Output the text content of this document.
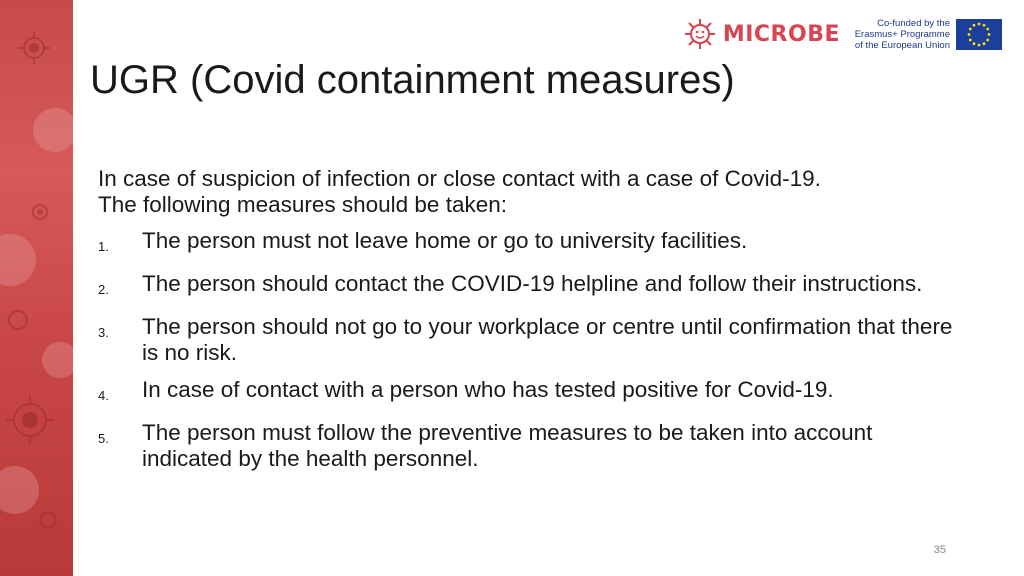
MICROBE	Co-funded by the
Erasmus+ Programme
of the European Union
UGR (Covid containment measures)

In case of suspicion of infection or close contact with a case of Covid-19.

The following measures should be taken:

1.	The person must not leave home or go to university facilities.
2.	The person should contact the COVID-19 helpline and follow their instructions.
3.	The person should not go to your workplace or centre until confirmation that there is no risk.
4.	In case of contact with a person who has tested positive for Covid-19.
5.	The person must follow the preventive measures to be taken into account indicated by the health personnel.
35
